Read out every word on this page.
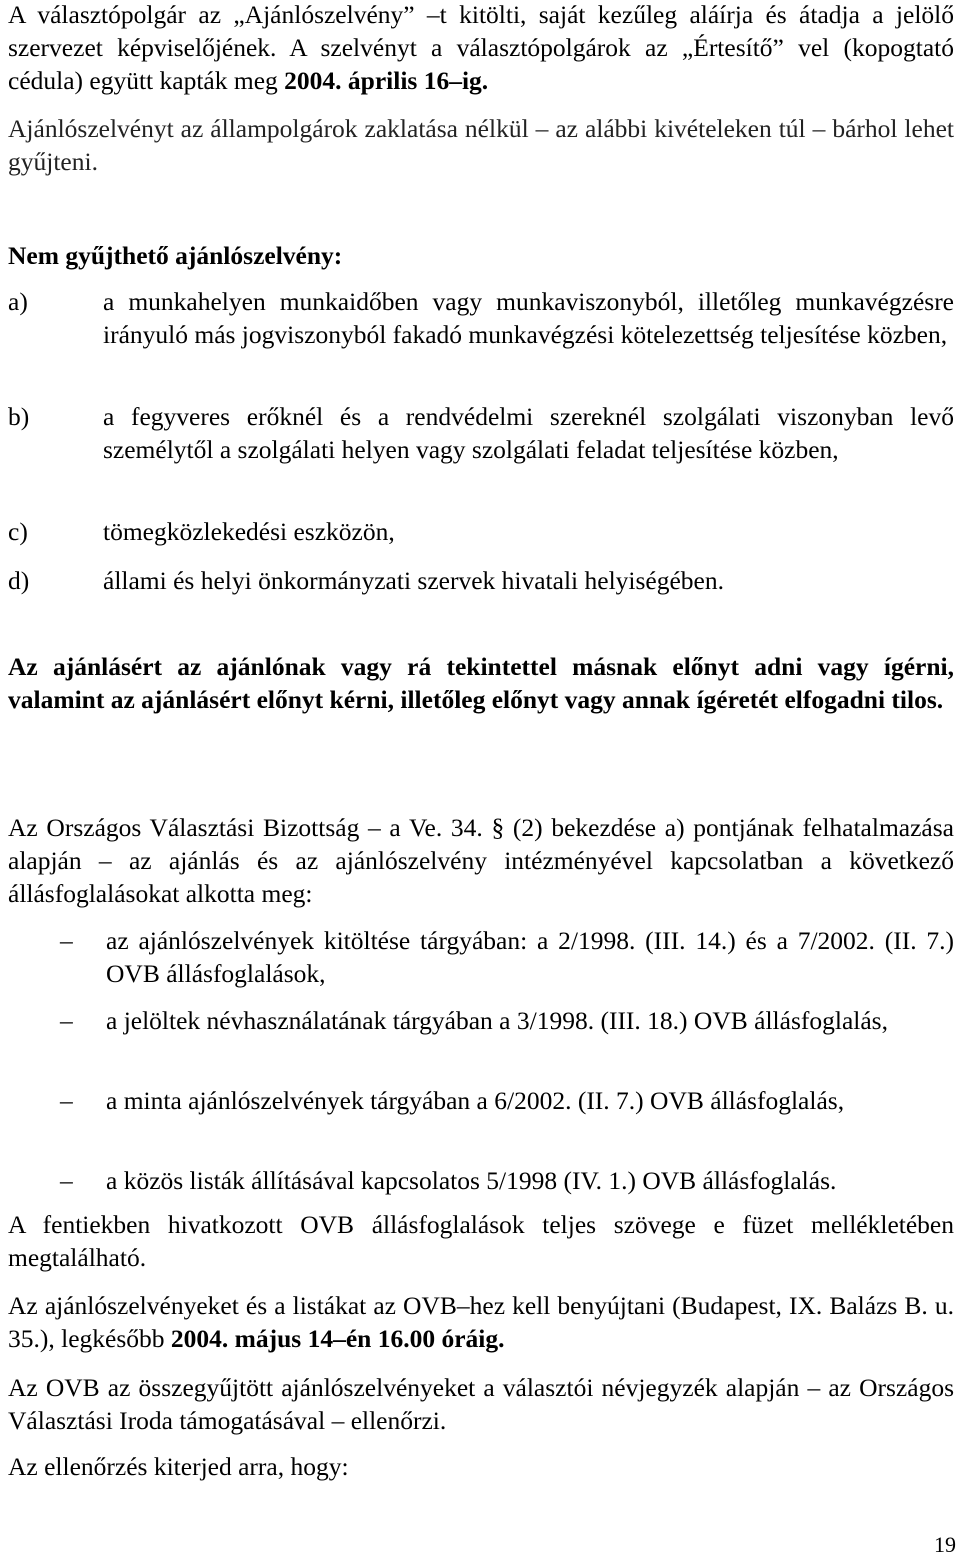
A választópolgár az „Ajánlószelvény” –t kitölti, saját kezűleg aláírja és átadja a jelölő szervezet képviselőjének. A szelvényt a választópolgárok az „Értesítő” vel (kopogtató cédula) együtt kapták meg 2004. április 16–ig.

Ajánlószelvényt az állampolgárok zaklatása nélkül – az alábbi kivételeken túl – bárhol lehet gyűjteni.

Nem gyűjthető ajánlószelvény:

a)	a munkahelyen munkaidőben vagy munkaviszonyból, illetőleg munkavégzésre irányuló más jogviszonyból fakadó munkavégzési kötelezettség teljesítése közben,
b)	a fegyveres erőknél és a rendvédelmi szereknél szolgálati viszonyban levő személytől a szolgálati helyen vagy szolgálati feladat teljesítése közben,
c)	tömegközlekedési eszközön,
d)	állami és helyi önkormányzati szervek hivatali helyiségében.

Az ajánlásért az ajánlónak vagy rá tekintettel másnak előnyt adni vagy ígérni, valamint az ajánlásért előnyt kérni, illetőleg előnyt vagy annak ígéretét elfogadni tilos.

Az Országos Választási Bizottság – a Ve. 34. § (2) bekezdése a) pontjának felhatalmazása alapján – az ajánlás és az ajánlószelvény intézményével kapcsolatban a következő állásfoglalásokat alkotta meg:

–	az ajánlószelvények kitöltése tárgyában: a 2/1998. (III. 14.) és a 7/2002. (II. 7.) OVB állásfoglalások,
–	a jelöltek névhasználatának tárgyában a 3/1998. (III. 18.) OVB állásfoglalás,
–	a minta ajánlószelvények tárgyában a 6/2002. (II. 7.) OVB állásfoglalás,
–	a közös listák állításával kapcsolatos 5/1998 (IV. 1.) OVB állásfoglalás.

A fentiekben hivatkozott OVB állásfoglalások teljes szövege e füzet mellékletében megtalálható.

Az ajánlószelvényeket és a listákat az OVB–hez kell benyújtani (Budapest, IX. Balázs B. u. 35.), legkésőbb 2004. május 14–én 16.00 óráig.

Az OVB az összegyűjtött ajánlószelvényeket a választói névjegyzék alapján – az Országos Választási Iroda támogatásával – ellenőrzi.

Az ellenőrzés kiterjed arra, hogy:

19
